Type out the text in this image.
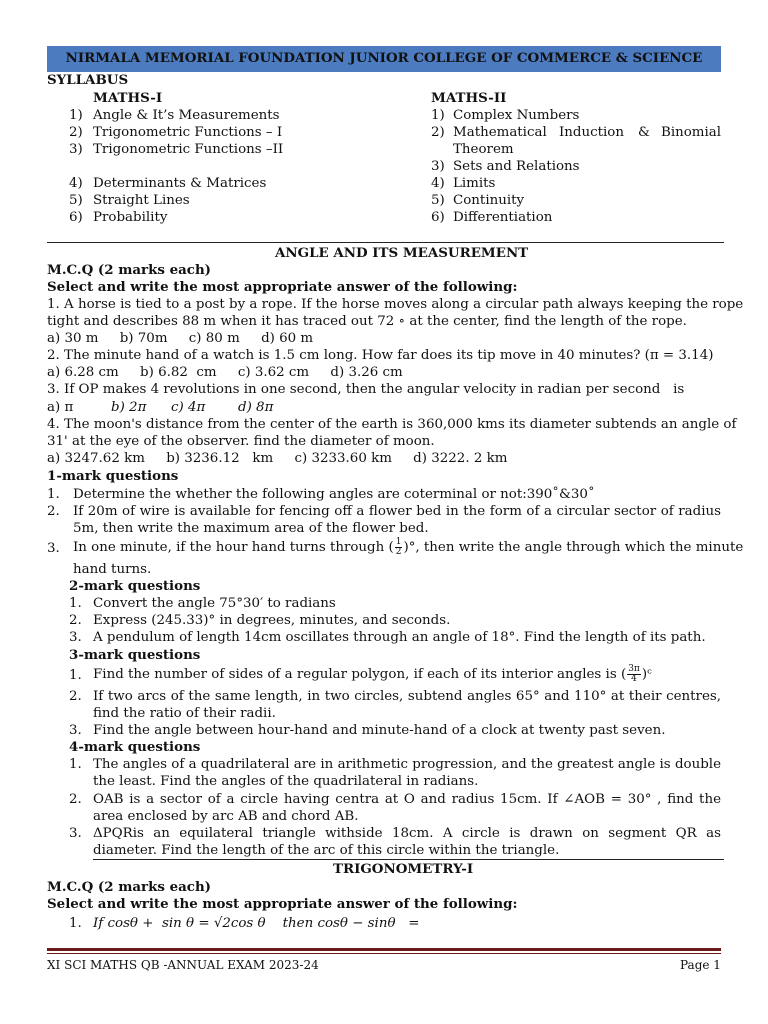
NIRMALA MEMORIAL FOUNDATION JUNIOR COLLEGE OF COMMERCE & SCIENCE
SYLLABUS
MATHS-I	MATHS-II
1) Angle & It’s Measurements
2) Trigonometric Functions – I
3) Trigonometric Functions –II
4) Determinants & Matrices
5) Straight Lines
6) Probability
1) Complex Numbers
2) Mathematical Induction & Binomial
Theorem
3) Sets and Relations
4) Limits
5) Continuity
6) Differentiation
ANGLE AND ITS MEASUREMENT
M.C.Q (2 marks each)
Select and write the most appropriate answer of the following:
1. A horse is tied to a post by a rope. If the horse moves along a circular path always keeping the rope
tight and describes 88 m when it has traced out 72 ∘ at the center, find the length of the rope.
a) 30 m     b) 70m     c) 80 m     d) 60 m
2. The minute hand of a watch is 1.5 cm long. How far does its tip move in 40 minutes? (π = 3.14)
a) 6.28 cm     b) 6.82  cm     c) 3.62 cm     d) 3.26 cm
3. If OP makes 4 revolutions in one second, then the angular velocity in radian per second   is
a) π	b) 2π c) 4π d) 8π
4. The moon's distance from the center of the earth is 360,000 kms its diameter subtends an angle of
31' at the eye of the observer. find the diameter of moon.
a) 3247.62 km     b) 3236.12   km     c) 3233.60 km     d) 3222. 2 km
1-mark questions
1. Determine the whether the following angles are coterminal or not:390˚&30˚
2. If 20m of wire is available for fencing off a flower bed in the form of a circular sector of radius 5m, then write the maximum area of the flower bed.
3. In one minute, if the hour hand turns through ( $\frac{1}{2}$ )°, then write the angle through which the minute
hand turns.
2-mark questions
1. Convert the angle 75°30′ to radians
2. Express (245.33)° in degrees, minutes, and seconds.
3. A pendulum of length 14cm oscillates through an angle of 18°. Find the length of its path.
3-mark questions
1. Find the number of sides of a regular polygon, if each of its interior angles is ( $\frac{3\pi}{4}$ )ᶜ
2. If two arcs of the same length, in two circles, subtend angles 65° and 110° at their centres, find the ratio of their radii.
3. Find the angle between hour-hand and minute-hand of a clock at twenty past seven.
4-mark questions
1. The angles of a quadrilateral are in arithmetic progression, and the greatest angle is double the least. Find the angles of the quadrilateral in radians.
2. OAB is a sector of a circle having centra at O and radius 15cm. If ∠AOB = 30° , find the area enclosed by arc AB and chord AB.
3. ΔPQRis an equilateral triangle withside 18cm. A circle is drawn on segment QR as diameter. Find the length of the arc of this circle within the triangle.
TRIGONOMETRY-I
M.C.Q (2 marks each)
Select and write the most appropriate answer of the following:
1. If cosθ +  sin θ = √2cos θ    then cosθ − sinθ   =
XI SCI MATHS QB -ANNUAL EXAM 2023-24	Page 1
